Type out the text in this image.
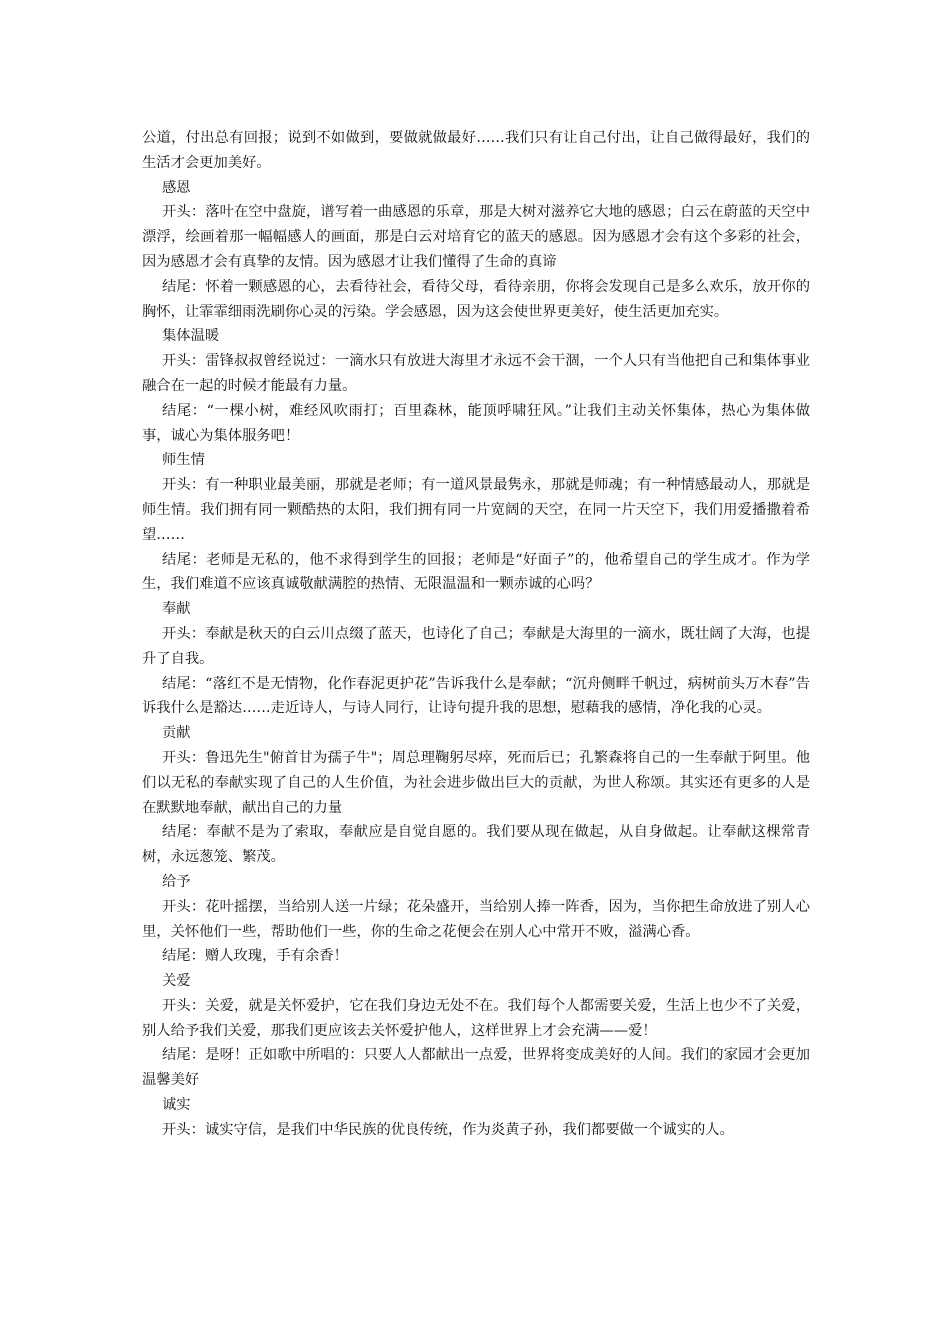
公道，付出总有回报；说到不如做到，要做就做最好……我们只有让自己付出，让自己做得最好，我们的生活才会更加美好。

感恩

开头：落叶在空中盘旋，谱写着一曲感恩的乐章，那是大树对滋养它大地的感恩；白云在蔚蓝的天空中漂浮，绘画着那一幅幅感人的画面，那是白云对培育它的蓝天的感恩。因为感恩才会有这个多彩的社会，因为感恩才会有真挚的友情。因为感恩才让我们懂得了生命的真谛

结尾：怀着一颗感恩的心，去看待社会，看待父母，看待亲朋，你将会发现自己是多么欢乐，放开你的胸怀，让霏霏细雨洗刷你心灵的污染。学会感恩，因为这会使世界更美好，使生活更加充实。

集体温暖

开头：雷锋叔叔曾经说过：一滴水只有放进大海里才永远不会干涸，一个人只有当他把自己和集体事业融合在一起的时候才能最有力量。

结尾：“一棵小树，难经风吹雨打；百里森林，能顶呼啸狂风。”让我们主动关怀集体，热心为集体做事，诚心为集体服务吧！

师生情

开头：有一种职业最美丽，那就是老师；有一道风景最隽永，那就是师魂；有一种情感最动人，那就是师生情。我们拥有同一颗酷热的太阳，我们拥有同一片宽阔的天空，在同一片天空下，我们用爱播撒着希望……

结尾：老师是无私的，他不求得到学生的回报；老师是“好面子”的，他希望自己的学生成才。作为学生，我们难道不应该真诚敬献满腔的热情、无限温温和一颗赤诚的心吗？

奉献

开头：奉献是秋天的白云川点缀了蓝天，也诗化了自己；奉献是大海里的一滴水，既壮阔了大海，也提升了自我。

结尾：“落红不是无情物，化作春泥更护花”告诉我什么是奉献；“沉舟侧畔千帆过，病树前头万木春”告诉我什么是豁达……走近诗人，与诗人同行，让诗句提升我的思想，慰藉我的感情，净化我的心灵。

贡献

开头：鲁迅先生"俯首甘为孺子牛"；周总理鞠躬尽瘁，死而后已；孔繁森将自己的一生奉献于阿里。他们以无私的奉献实现了自己的人生价值，为社会进步做出巨大的贡献，为世人称颂。其实还有更多的人是在默默地奉献，献出自己的力量

结尾：奉献不是为了索取，奉献应是自觉自愿的。我们要从现在做起，从自身做起。让奉献这棵常青树，永远葱笼、繁茂。

给予

开头：花叶摇摆，当给别人送一片绿；花朵盛开，当给别人捧一阵香，因为，当你把生命放进了别人心里，关怀他们一些，帮助他们一些，你的生命之花便会在别人心中常开不败，溢满心香。

结尾：赠人玫瑰，手有余香！

关爱

开头：关爱，就是关怀爱护，它在我们身边无处不在。我们每个人都需要关爱，生活上也少不了关爱，别人给予我们关爱，那我们更应该去关怀爱护他人，这样世界上才会充满——爱！

结尾：是呀！正如歌中所唱的：只要人人都献出一点爱，世界将变成美好的人间。我们的家园才会更加温馨美好

诚实

开头：诚实守信，是我们中华民族的优良传统，作为炎黄子孙，我们都要做一个诚实的人。
